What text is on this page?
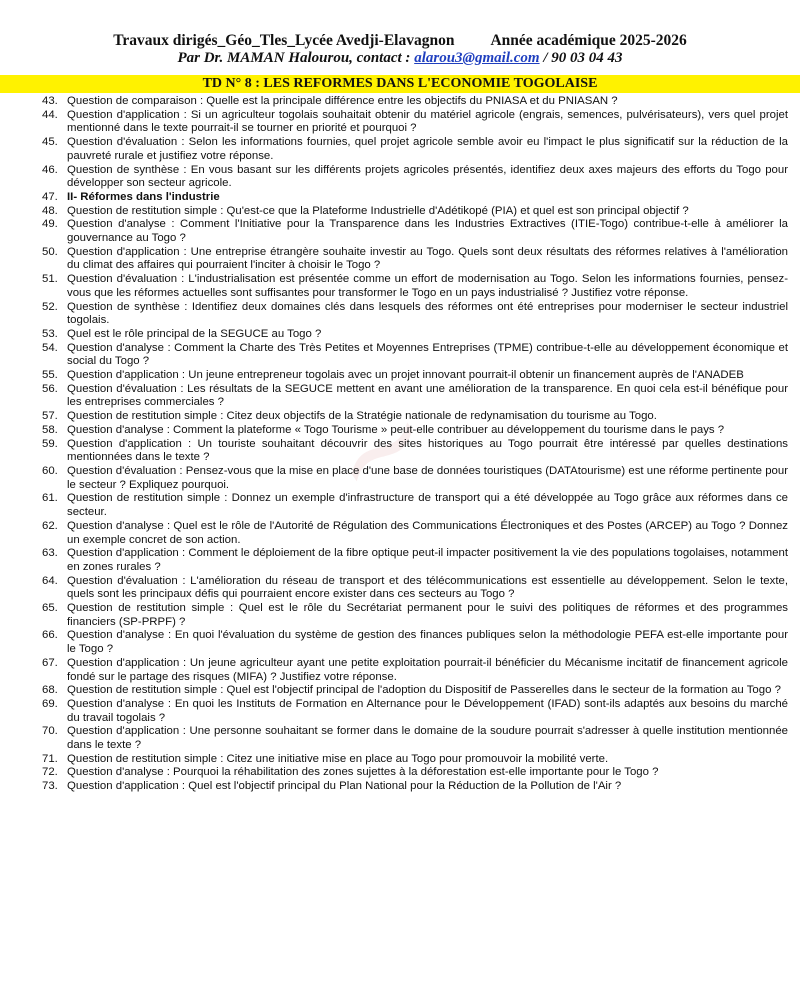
~
Travaux dirigés_Géo_Tles_Lycée Avedji-Elavagnon Année académique 2025-2026
Par Dr. MAMAN Halourou, contact : alarou3@gmail.com / 90 03 04 43
TD N° 8 : LES REFORMES DANS L'ECONOMIE TOGOLAISE
43. Question de comparaison : Quelle est la principale différence entre les objectifs du PNIASA et du PNIASAN ?
44. Question d'application : Si un agriculteur togolais souhaitait obtenir du matériel agricole (engrais, semences, pulvérisateurs), vers quel projet mentionné dans le texte pourrait-il se tourner en priorité et pourquoi ?
45. Question d'évaluation : Selon les informations fournies, quel projet agricole semble avoir eu l'impact le plus significatif sur la réduction de la pauvreté rurale et justifiez votre réponse.
46. Question de synthèse : En vous basant sur les différents projets agricoles présentés, identifiez deux axes majeurs des efforts du Togo pour développer son secteur agricole.
47. II- Réformes dans l'industrie
48. Question de restitution simple : Qu'est-ce que la Plateforme Industrielle d'Adétikopé (PIA) et quel est son principal objectif ?
49. Question d'analyse : Comment l'Initiative pour la Transparence dans les Industries Extractives (ITIE-Togo) contribue-t-elle à améliorer la gouvernance au Togo ?
50. Question d'application : Une entreprise étrangère souhaite investir au Togo. Quels sont deux résultats des réformes relatives à l'amélioration du climat des affaires qui pourraient l'inciter à choisir le Togo ?
51. Question d'évaluation : L'industrialisation est présentée comme un effort de modernisation au Togo. Selon les informations fournies, pensez-vous que les réformes actuelles sont suffisantes pour transformer le Togo en un pays industrialisé ? Justifiez votre réponse.
52. Question de synthèse : Identifiez deux domaines clés dans lesquels des réformes ont été entreprises pour moderniser le secteur industriel togolais.
53. Quel est le rôle principal de la SEGUCE au Togo ?
54. Question d'analyse : Comment la Charte des Très Petites et Moyennes Entreprises (TPME) contribue-t-elle au développement économique et social du Togo ?
55. Question d'application : Un jeune entrepreneur togolais avec un projet innovant pourrait-il obtenir un financement auprès de l'ANADEB
56. Question d'évaluation : Les résultats de la SEGUCE mettent en avant une amélioration de la transparence. En quoi cela est-il bénéfique pour les entreprises commerciales ?
57. Question de restitution simple : Citez deux objectifs de la Stratégie nationale de redynamisation du tourisme au Togo.
58. Question d'analyse : Comment la plateforme « Togo Tourisme » peut-elle contribuer au développement du tourisme dans le pays ?
59. Question d'application : Un touriste souhaitant découvrir des sites historiques au Togo pourrait être intéressé par quelles destinations mentionnées dans le texte ?
60. Question d'évaluation : Pensez-vous que la mise en place d'une base de données touristiques (DATAtourisme) est une réforme pertinente pour le secteur ? Expliquez pourquoi.
61. Question de restitution simple : Donnez un exemple d'infrastructure de transport qui a été développée au Togo grâce aux réformes dans ce secteur.
62. Question d'analyse : Quel est le rôle de l'Autorité de Régulation des Communications Électroniques et des Postes (ARCEP) au Togo ? Donnez un exemple concret de son action.
63. Question d'application : Comment le déploiement de la fibre optique peut-il impacter positivement la vie des populations togolaises, notamment en zones rurales ?
64. Question d'évaluation : L'amélioration du réseau de transport et des télécommunications est essentielle au développement. Selon le texte, quels sont les principaux défis qui pourraient encore exister dans ces secteurs au Togo ?
65. Question de restitution simple : Quel est le rôle du Secrétariat permanent pour le suivi des politiques de réformes et des programmes financiers (SP-PRPF) ?
66. Question d'analyse : En quoi l'évaluation du système de gestion des finances publiques selon la méthodologie PEFA est-elle importante pour le Togo ?
67. Question d'application : Un jeune agriculteur ayant une petite exploitation pourrait-il bénéficier du Mécanisme incitatif de financement agricole fondé sur le partage des risques (MIFA) ? Justifiez votre réponse.
68. Question de restitution simple : Quel est l'objectif principal de l'adoption du Dispositif de Passerelles dans le secteur de la formation au Togo ?
69. Question d'analyse : En quoi les Instituts de Formation en Alternance pour le Développement (IFAD) sont-ils adaptés aux besoins du marché du travail togolais ?
70. Question d'application : Une personne souhaitant se former dans le domaine de la soudure pourrait s'adresser à quelle institution mentionnée dans le texte ?
71. Question de restitution simple : Citez une initiative mise en place au Togo pour promouvoir la mobilité verte.
72. Question d'analyse : Pourquoi la réhabilitation des zones sujettes à la déforestation est-elle importante pour le Togo ?
73. Question d'application : Quel est l'objectif principal du Plan National pour la Réduction de la Pollution de l'Air ?
